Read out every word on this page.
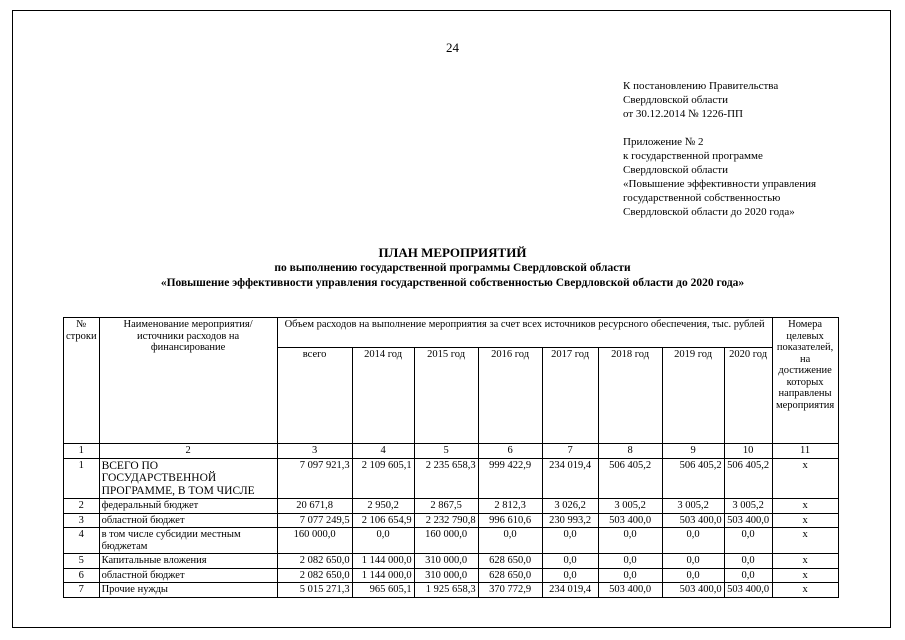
24
К постановлению Правительства
Свердловской области
от 30.12.2014 № 1226-ПП
Приложение № 2
к государственной программе
Свердловской области
«Повышение эффективности управления
государственной собственностью
Свердловской области до 2020 года»
ПЛАН МЕРОПРИЯТИЙ
по выполнению государственной программы Свердловской области
«Повышение эффективности управления государственной собственностью Свердловской области до 2020 года»
№ строки	Наименование мероприятия/ источники расходов на финансирование	Объем расходов на выполнение мероприятия за счет всех источников ресурсного обеспечения, тыс. рублей								Номера целевых показателей, на достижение которых направлены мероприятия
		всего	2014 год	2015 год	2016 год	2017 год	2018 год	2019 год	2020 год	
1	2	3	4	5	6	7	8	9	10	11
1	ВСЕГО ПО ГОСУДАРСТВЕННОЙ ПРОГРАММЕ, В ТОМ ЧИСЛЕ	7 097 921,3	2 109 605,1	2 235 658,3	999 422,9	234 019,4	506 405,2	506 405,2	506 405,2	x
2	федеральный бюджет	20 671,8	2 950,2	2 867,5	2 812,3	3 026,2	3 005,2	3 005,2	3 005,2	x
3	областной бюджет	7 077 249,5	2 106 654,9	2 232 790,8	996 610,6	230 993,2	503 400,0	503 400,0	503 400,0	x
4	в том числе субсидии местным бюджетам	160 000,0	0,0	160 000,0	0,0	0,0	0,0	0,0	0,0	x
5	Капитальные вложения	2 082 650,0	1 144 000,0	310 000,0	628 650,0	0,0	0,0	0,0	0,0	x
6	областной бюджет	2 082 650,0	1 144 000,0	310 000,0	628 650,0	0,0	0,0	0,0	0,0	x
7	Прочие нужды	5 015 271,3	965 605,1	1 925 658,3	370 772,9	234 019,4	503 400,0	503 400,0	503 400,0	x
